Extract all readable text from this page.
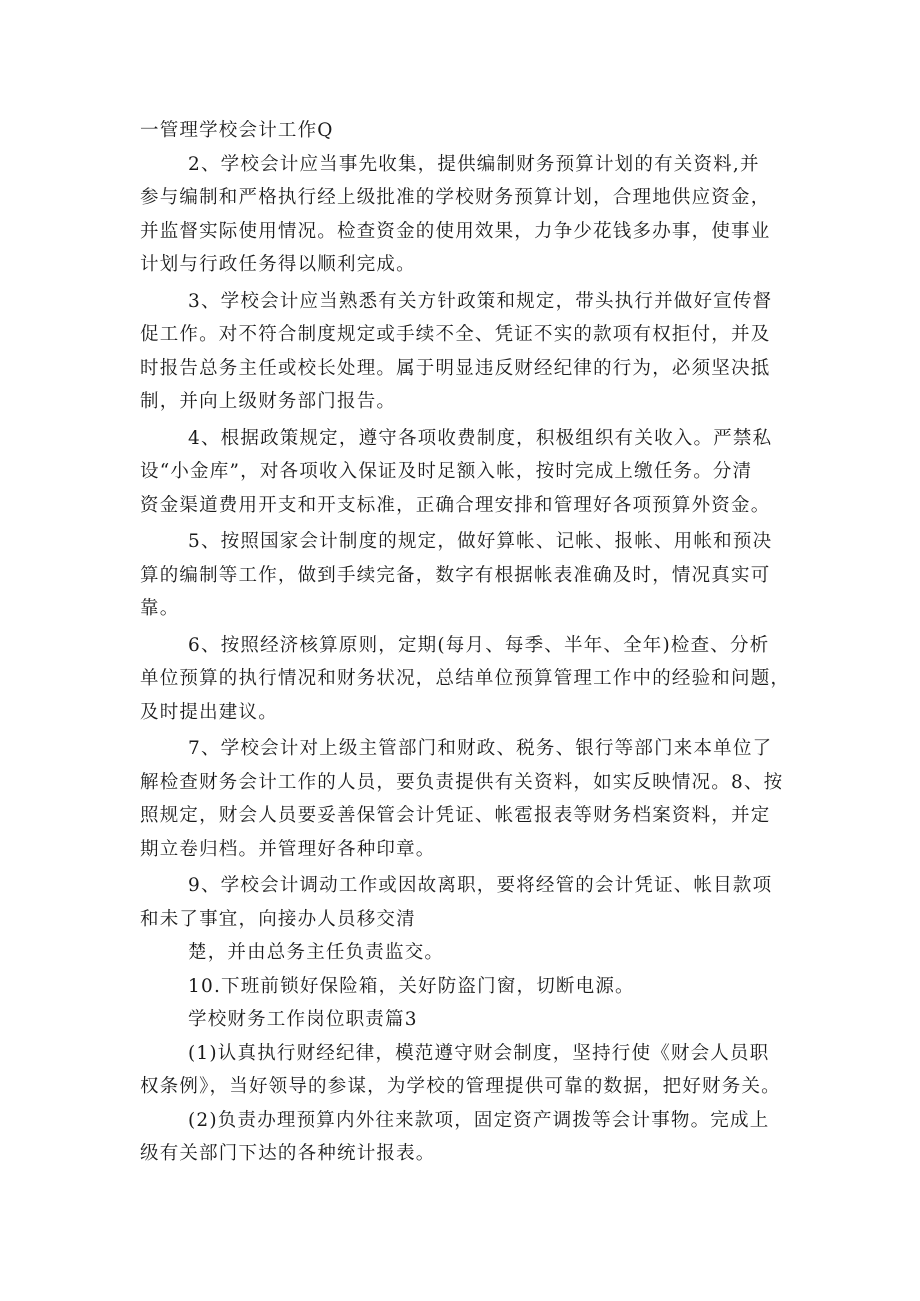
一管理学校会计工作Q

2、学校会计应当事先收集，提供编制财务预算计划的有关资料,并

参与编制和严格执行经上级批准的学校财务预算计划，合理地供应资金，

并监督实际使用情况。检查资金的使用效果，力争少花钱多办事，使事业

计划与行政任务得以顺利完成。

3、学校会计应当熟悉有关方针政策和规定，带头执行并做好宣传督

促工作。对不符合制度规定或手续不全、凭证不实的款项有权拒付，并及

时报告总务主任或校长处理。属于明显违反财经纪律的行为，必须坚决抵

制，并向上级财务部门报告。

4、根据政策规定，遵守各项收费制度，积极组织有关收入。严禁私

设“小金库”，对各项收入保证及时足额入帐，按时完成上缴任务。分清

资金渠道费用开支和开支标准，正确合理安排和管理好各项预算外资金。

5、按照国家会计制度的规定，做好算帐、记帐、报帐、用帐和预决

算的编制等工作，做到手续完备，数字有根据帐表准确及时，情况真实可

靠。

6、按照经济核算原则，定期(每月、每季、半年、全年)检查、分析

单位预算的执行情况和财务状况，总结单位预算管理工作中的经验和问题，

及时提出建议。

7、学校会计对上级主管部门和财政、税务、银行等部门来本单位了

解检查财务会计工作的人员，要负责提供有关资料，如实反映情况。8、按

照规定，财会人员要妥善保管会计凭证、帐雹报表等财务档案资料，并定

期立卷归档。并管理好各种印章。

9、学校会计调动工作或因故离职，要将经管的会计凭证、帐目款项

和未了事宜，向接办人员移交清

楚，并由总务主任负责监交。

10.下班前锁好保险箱，关好防盗门窗，切断电源。

学校财务工作岗位职责篇3

(1)认真执行财经纪律，模范遵守财会制度，坚持行使《财会人员职

权条例》，当好领导的参谋，为学校的管理提供可靠的数据，把好财务关。

(2)负责办理预算内外往来款项，固定资产调拨等会计事物。完成上

级有关部门下达的各种统计报表。
